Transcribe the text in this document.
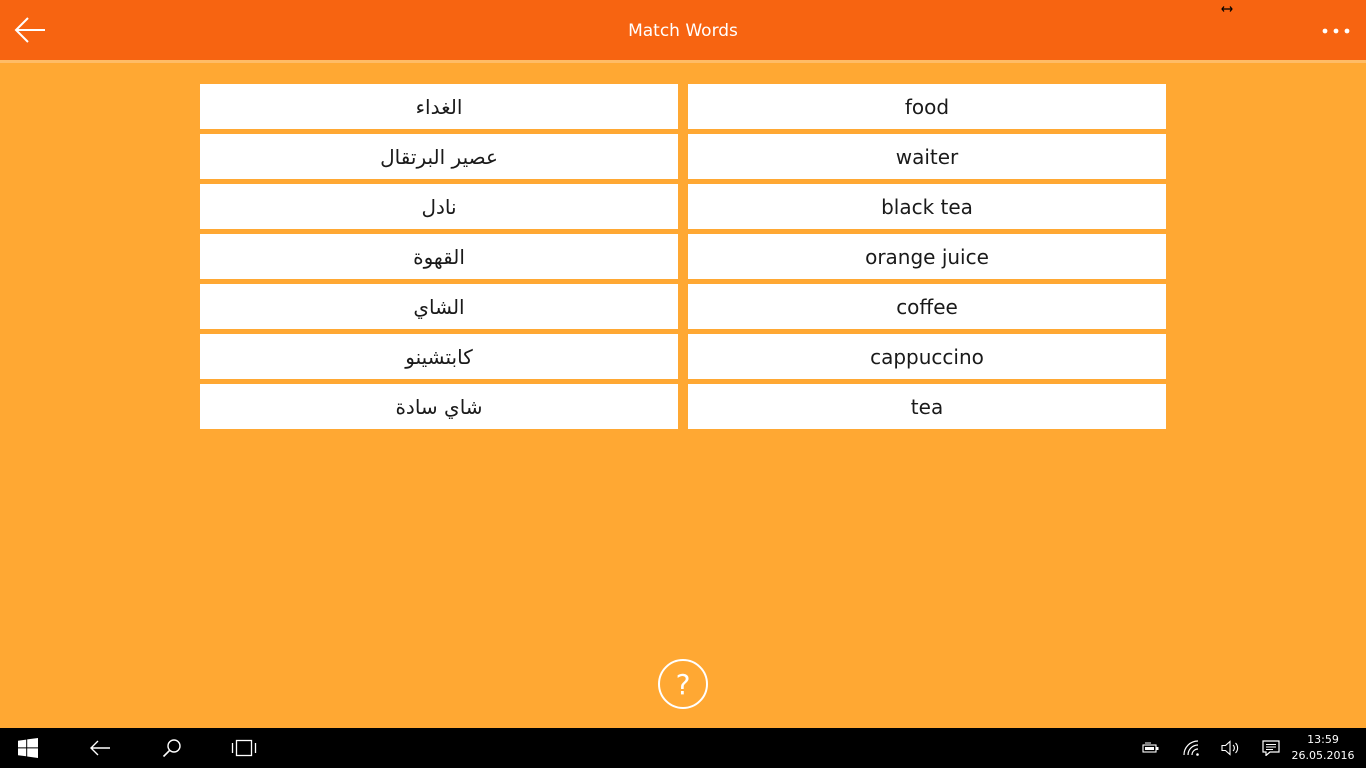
Match Words
الغداء	food
عصير البرتقال	waiter
نادل	black tea
القهوة	orange juice
الشاي	coffee
كابتشينو	cappuccino
شاي سادة	tea
?
13:59
26.05.2016
